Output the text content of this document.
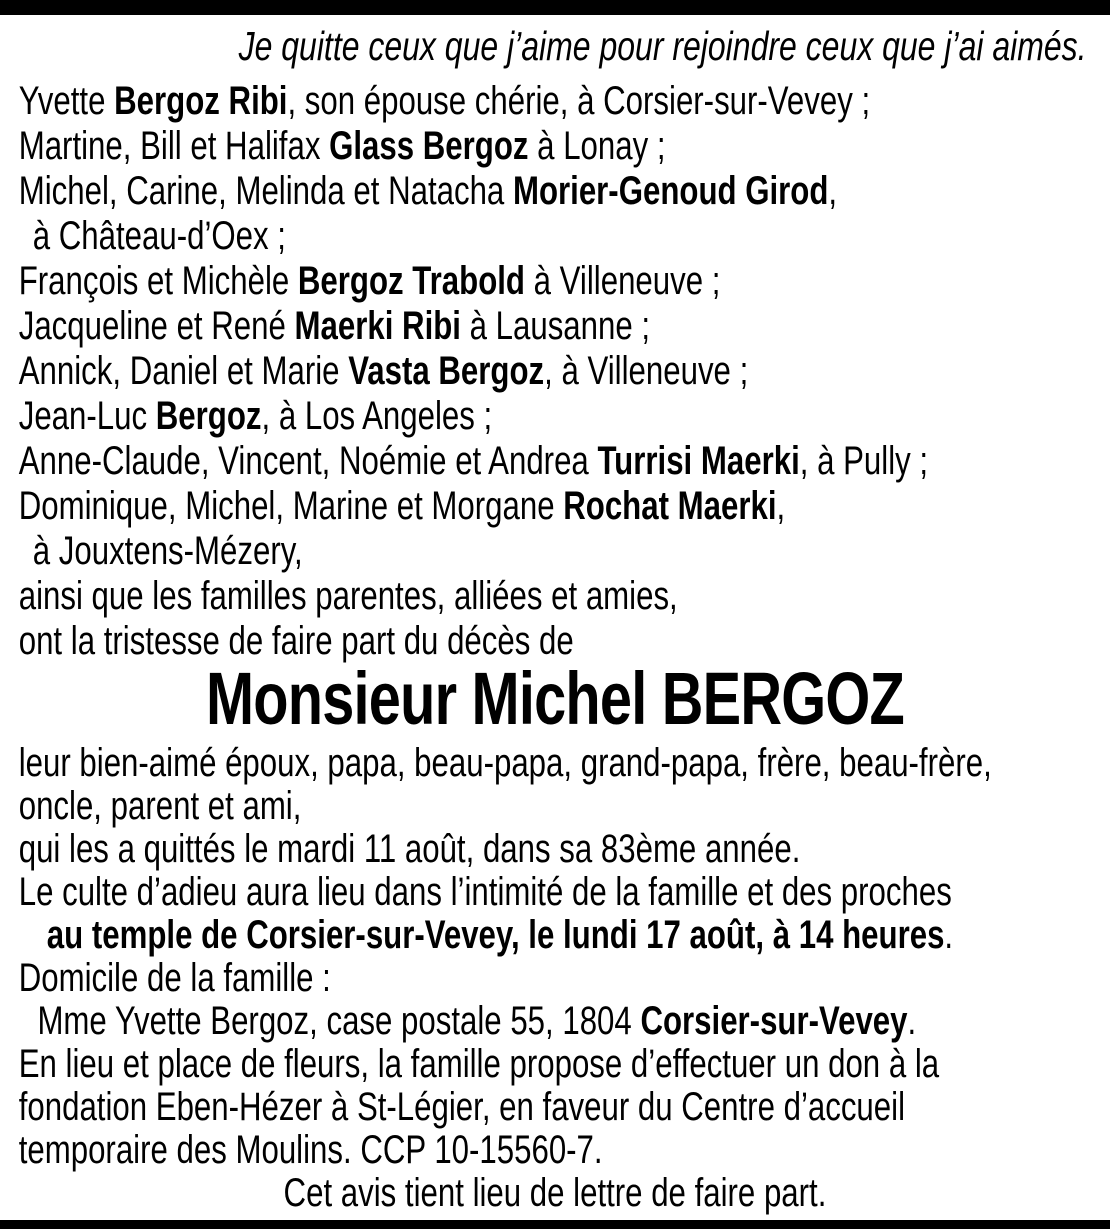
Je quitte ceux que j’aime pour rejoindre ceux que j’ai aimés.
Yvette Bergoz Ribi, son épouse chérie, à Corsier-sur-Vevey ;
Martine, Bill et Halifax Glass Bergoz à Lonay ;
Michel, Carine, Melinda et Natacha Morier-Genoud Girod,
à Château-d’Oex ;
François et Michèle Bergoz Trabold à Villeneuve ;
Jacqueline et René Maerki Ribi à Lausanne ;
Annick, Daniel et Marie Vasta Bergoz, à Villeneuve ;
Jean-Luc Bergoz, à Los Angeles ;
Anne-Claude, Vincent, Noémie et Andrea Turrisi Maerki, à Pully ;
Dominique, Michel, Marine et Morgane Rochat Maerki,
à Jouxtens-Mézery,
ainsi que les familles parentes, alliées et amies,
ont la tristesse de faire part du décès de
Monsieur Michel BERGOZ
leur bien-aimé époux, papa, beau-papa, grand-papa, frère, beau-frère,
oncle, parent et ami,
qui les a quittés le mardi 11 août, dans sa 83ème année.
Le culte d’adieu aura lieu dans l’intimité de la famille et des proches
au temple de Corsier-sur-Vevey, le lundi 17 août, à 14 heures.
Domicile de la famille :
Mme Yvette Bergoz, case postale 55, 1804 Corsier-sur-Vevey.
En lieu et place de fleurs, la famille propose d’effectuer un don à la
fondation Eben-Hézer à St-Légier, en faveur du Centre d’accueil
temporaire des Moulins. CCP 10-15560-7.
Cet avis tient lieu de lettre de faire part.
